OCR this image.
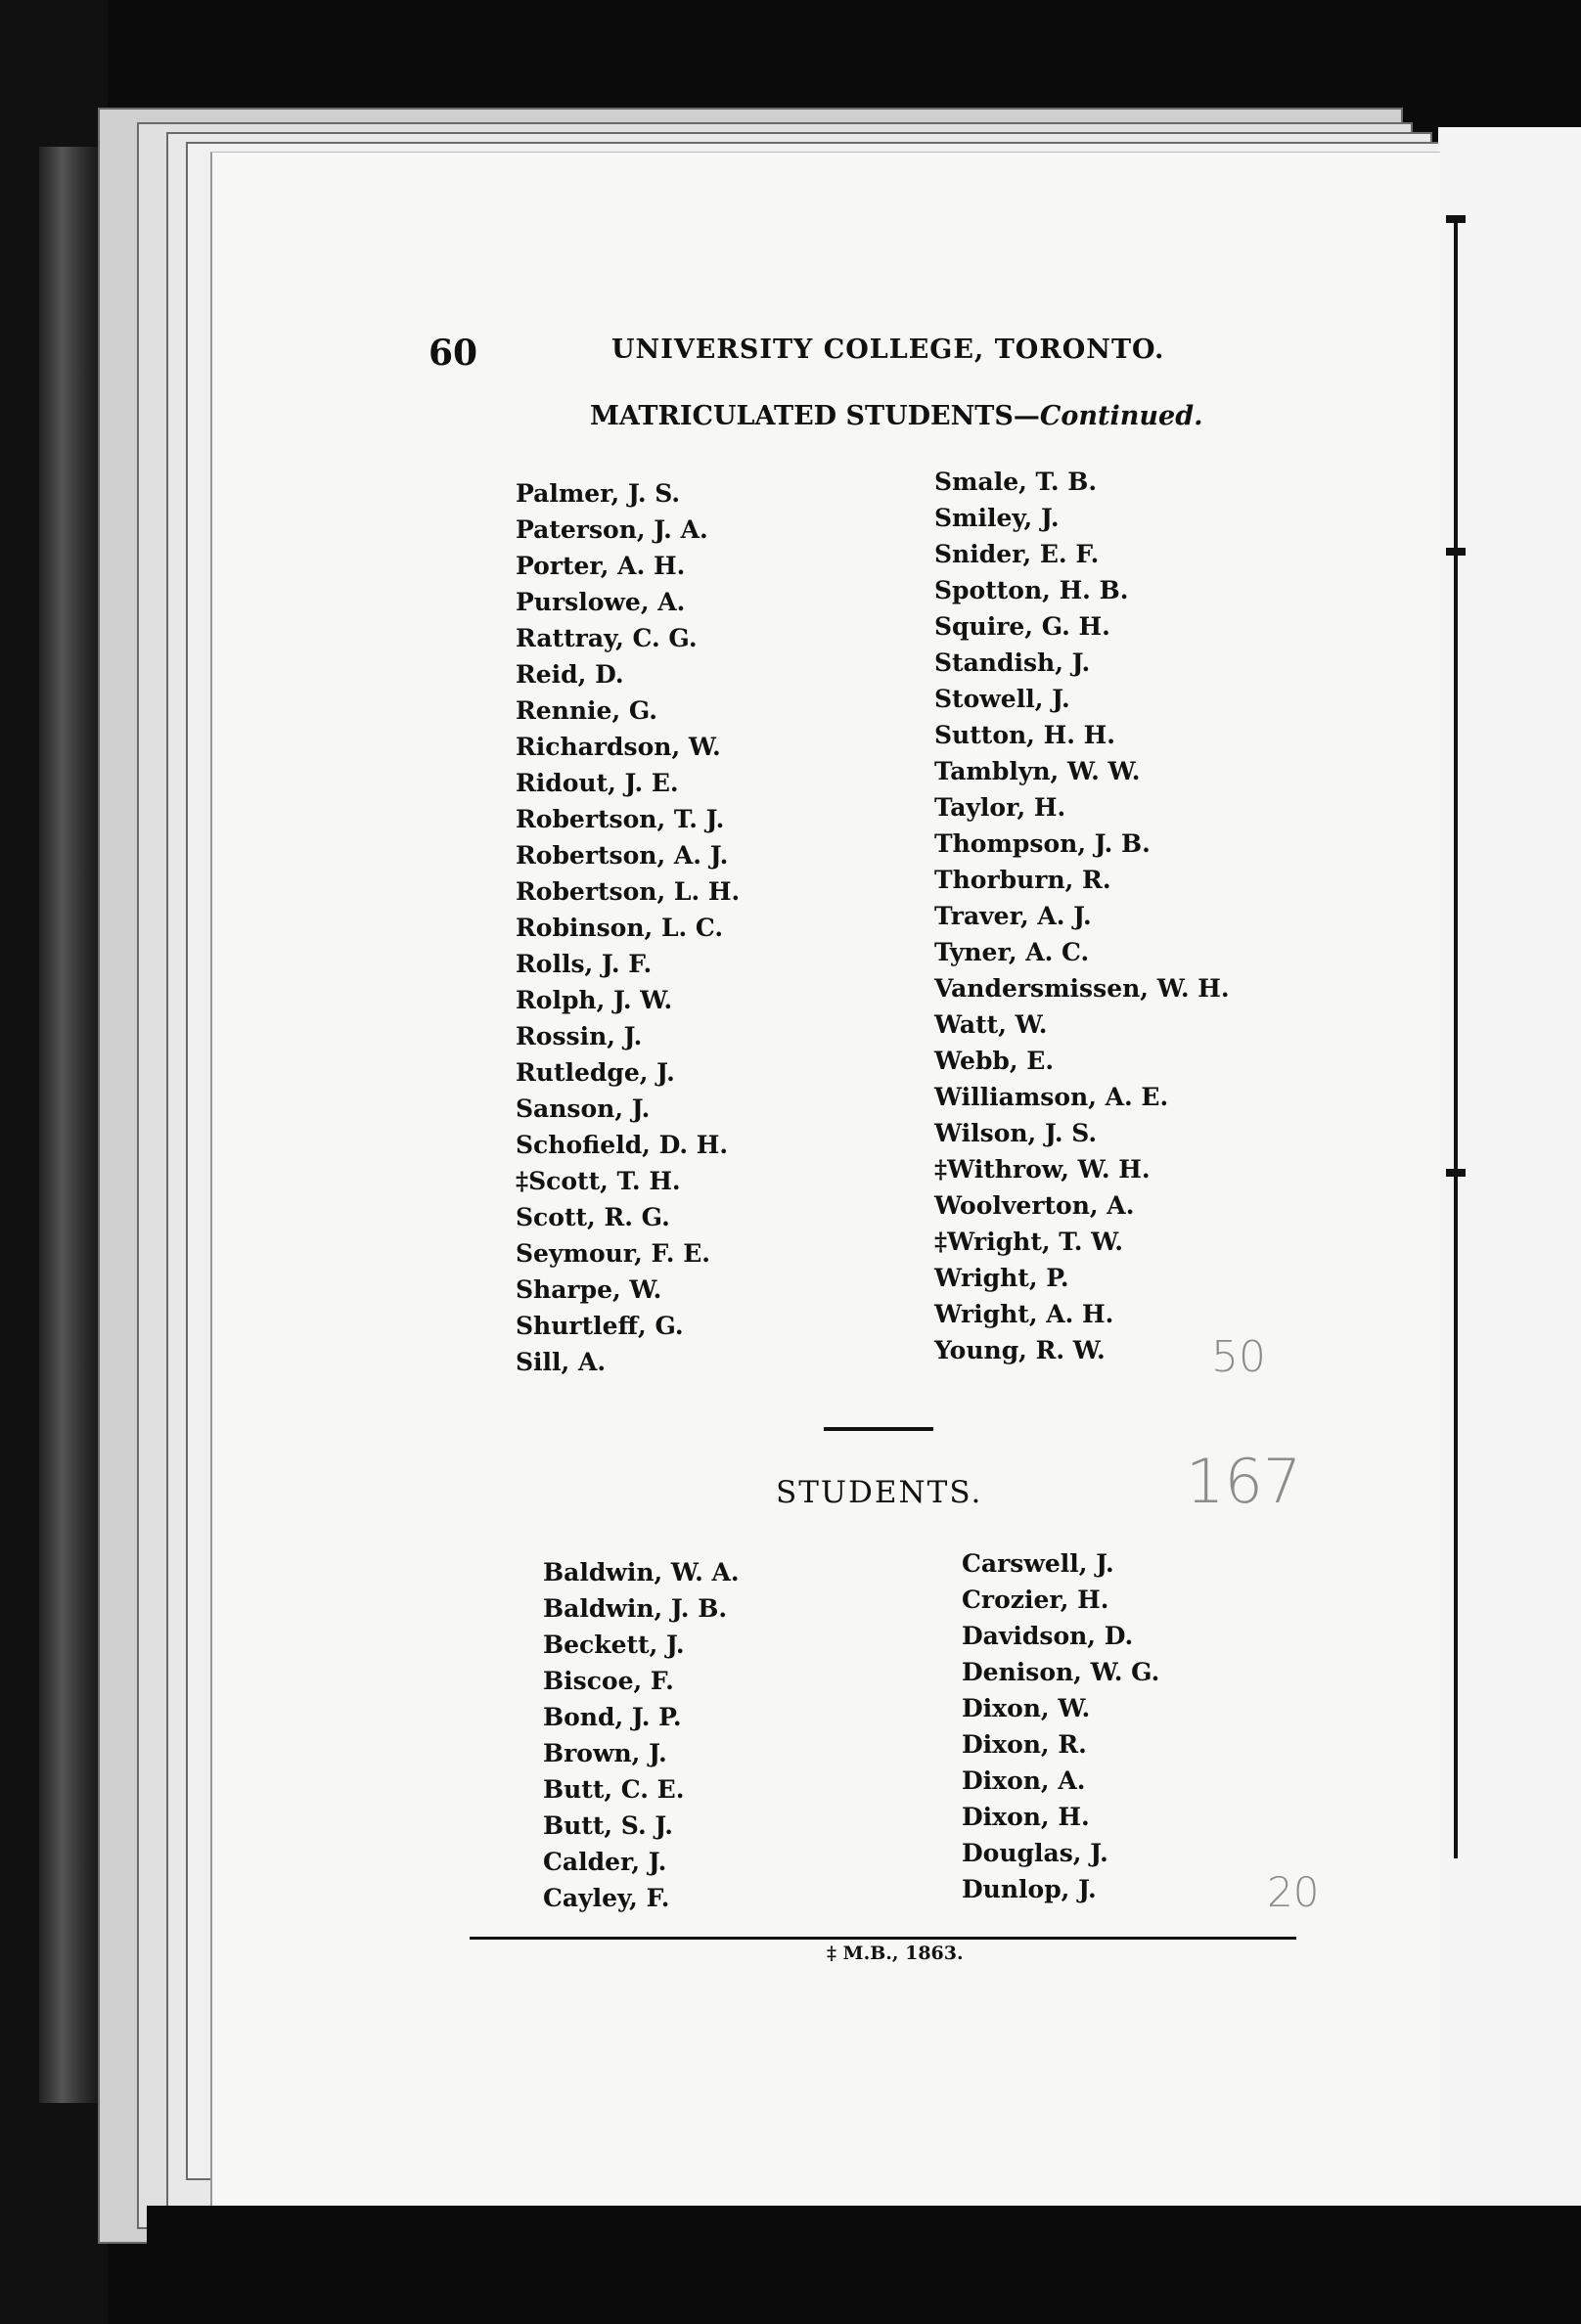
60	UNIVERSITY COLLEGE, TORONTO.
MATRICULATED STUDENTS—Continued.
Palmer, J. S.
Paterson, J. A.
Porter, A. H.
Purslowe, A.
Rattray, C. G.
Reid, D.
Rennie, G.
Richardson, W.
Ridout, J. E.
Robertson, T. J.
Robertson, A. J.
Robertson, L. H.
Robinson, L. C.
Rolls, J. F.
Rolph, J. W.
Rossin, J.
Rutledge, J.
Sanson, J.
Schofield, D. H.
‡Scott, T. H.
Scott, R. G.
Seymour, F. E.
Sharpe, W.
Shurtleff, G.
Sill, A.
Smale, T. B.
Smiley, J.
Snider, E. F.
Spotton, H. B.
Squire, G. H.
Standish, J.
Stowell, J.
Sutton, H. H.
Tamblyn, W. W.
Taylor, H.
Thompson, J. B.
Thorburn, R.
Traver, A. J.
Tyner, A. C.
Vandersmissen, W. H.
Watt, W.
Webb, E.
Williamson, A. E.
Wilson, J. S.
‡Withrow, W. H.
Woolverton, A.
‡Wright, T. W.
Wright, P.
Wright, A. H.
Young, R. W.
STUDENTS.
Baldwin, W. A.
Baldwin, J. B.
Beckett, J.
Biscoe, F.
Bond, J. P.
Brown, J.
Butt, C. E.
Butt, S. J.
Calder, J.
Cayley, F.
Carswell, J.
Crozier, H.
Davidson, D.
Denison, W. G.
Dixon, W.
Dixon, R.
Dixon, A.
Dixon, H.
Douglas, J.
Dunlop, J.
‡ M.B., 1863.
50
167
20
